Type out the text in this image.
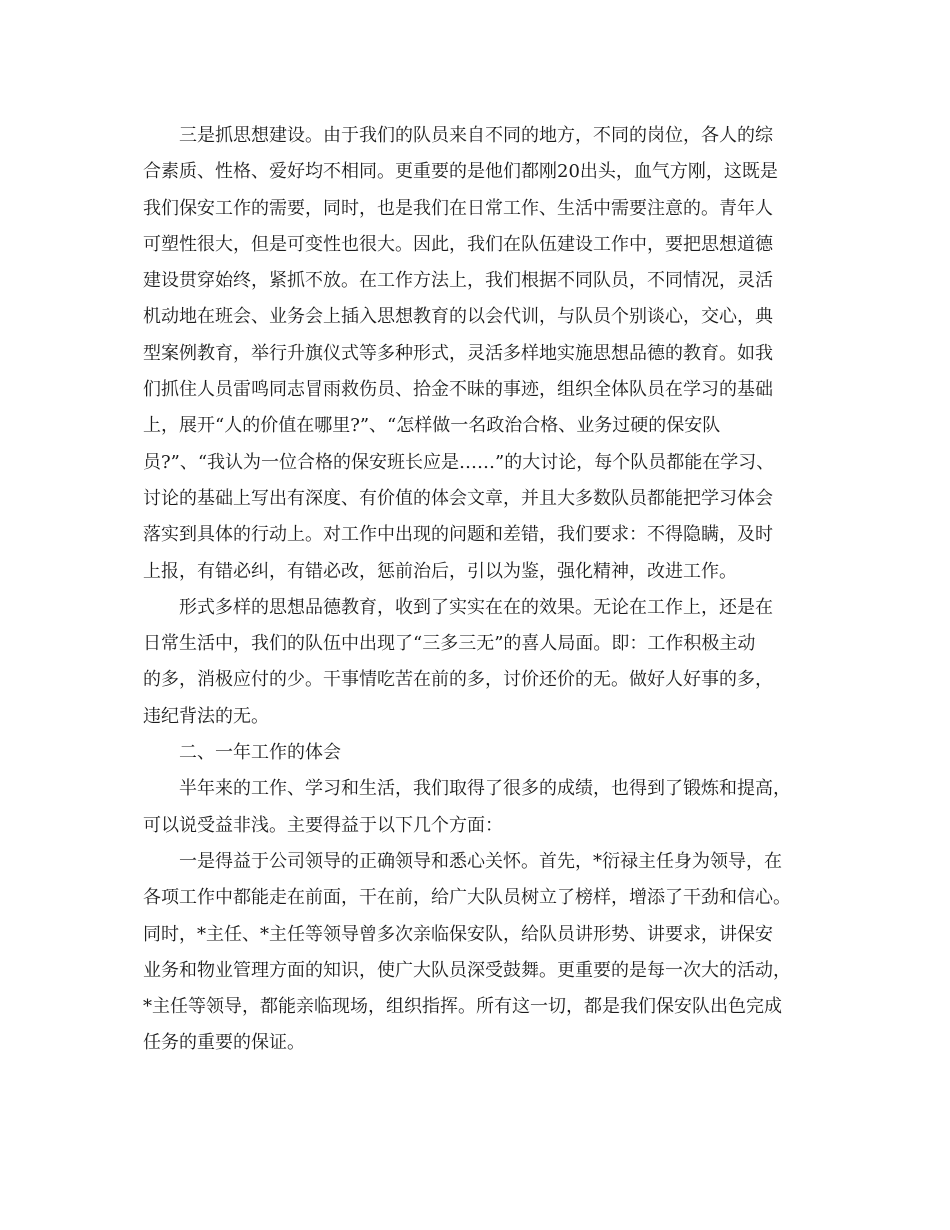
三是抓思想建设。由于我们的队员来自不同的地方，不同的岗位，各人的综
合素质、性格、爱好均不相同。更重要的是他们都刚20出头，血气方刚，这既是
我们保安工作的需要，同时，也是我们在日常工作、生活中需要注意的。青年人
可塑性很大，但是可变性也很大。因此，我们在队伍建设工作中，要把思想道德
建设贯穿始终，紧抓不放。在工作方法上，我们根据不同队员，不同情况，灵活
机动地在班会、业务会上插入思想教育的以会代训，与队员个别谈心，交心，典
型案例教育，举行升旗仪式等多种形式，灵活多样地实施思想品德的教育。如我
们抓住人员雷鸣同志冒雨救伤员、拾金不昧的事迹，组织全体队员在学习的基础
上，展开“人的价值在哪里?”、“怎样做一名政治合格、业务过硬的保安队
员?”、“我认为一位合格的保安班长应是……”的大讨论，每个队员都能在学习、
讨论的基础上写出有深度、有价值的体会文章，并且大多数队员都能把学习体会
落实到具体的行动上。对工作中出现的问题和差错，我们要求：不得隐瞒，及时
上报，有错必纠，有错必改，惩前治后，引以为鉴，强化精神，改进工作。
形式多样的思想品德教育，收到了实实在在的效果。无论在工作上，还是在
日常生活中，我们的队伍中出现了“三多三无”的喜人局面。即：工作积极主动
的多，消极应付的少。干事情吃苦在前的多，讨价还价的无。做好人好事的多，
违纪背法的无。
二、一年工作的体会
半年来的工作、学习和生活，我们取得了很多的成绩，也得到了锻炼和提高，
可以说受益非浅。主要得益于以下几个方面：
一是得益于公司领导的正确领导和悉心关怀。首先，*衍禄主任身为领导，在
各项工作中都能走在前面，干在前，给广大队员树立了榜样，增添了干劲和信心。
同时，*主任、*主任等领导曾多次亲临保安队，给队员讲形势、讲要求，讲保安
业务和物业管理方面的知识，使广大队员深受鼓舞。更重要的是每一次大的活动，
*主任等领导，都能亲临现场，组织指挥。所有这一切，都是我们保安队出色完成
任务的重要的保证。
